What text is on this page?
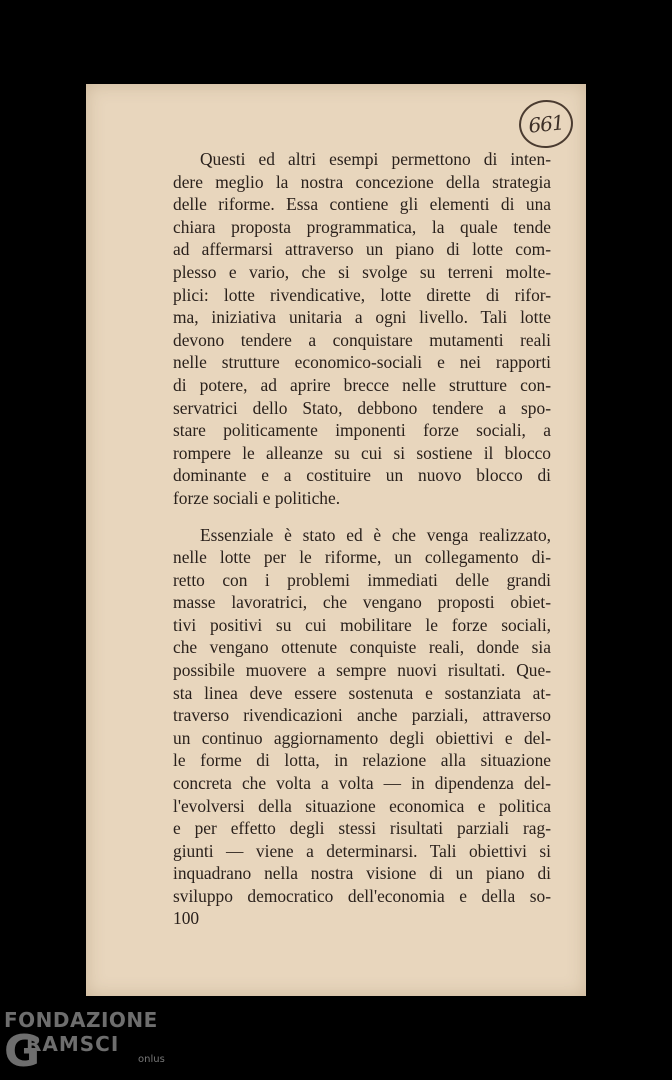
661
Questi ed altri esempi permettono di inten-
dere meglio la nostra concezione della strategia
delle riforme. Essa contiene gli elementi di una
chiara proposta programmatica, la quale tende
ad affermarsi attraverso un piano di lotte com-
plesso e vario, che si svolge su terreni molte-
plici: lotte rivendicative, lotte dirette di rifor-
ma, iniziativa unitaria a ogni livello. Tali lotte
devono tendere a conquistare mutamenti reali
nelle strutture economico-sociali e nei rapporti
di potere, ad aprire brecce nelle strutture con-
servatrici dello Stato, debbono tendere a spo-
stare politicamente imponenti forze sociali, a
rompere le alleanze su cui si sostiene il blocco
dominante e a costituire un nuovo blocco di
forze sociali e politiche.
Essenziale è stato ed è che venga realizzato,
nelle lotte per le riforme, un collegamento di-
retto con i problemi immediati delle grandi
masse lavoratrici, che vengano proposti obiet-
tivi positivi su cui mobilitare le forze sociali,
che vengano ottenute conquiste reali, donde sia
possibile muovere a sempre nuovi risultati. Que-
sta linea deve essere sostenuta e sostanziata at-
traverso rivendicazioni anche parziali, attraverso
un continuo aggiornamento degli obiettivi e del-
le forme di lotta, in relazione alla situazione
concreta che volta a volta — in dipendenza del-
l'evolversi della situazione economica e politica
e per effetto degli stessi risultati parziali rag-
giunti — viene a determinarsi. Tali obiettivi si
inquadrano nella nostra visione di un piano di
sviluppo democratico dell'economia e della so-
100
FONDAZIONE
G
RAMSCI
onlus
